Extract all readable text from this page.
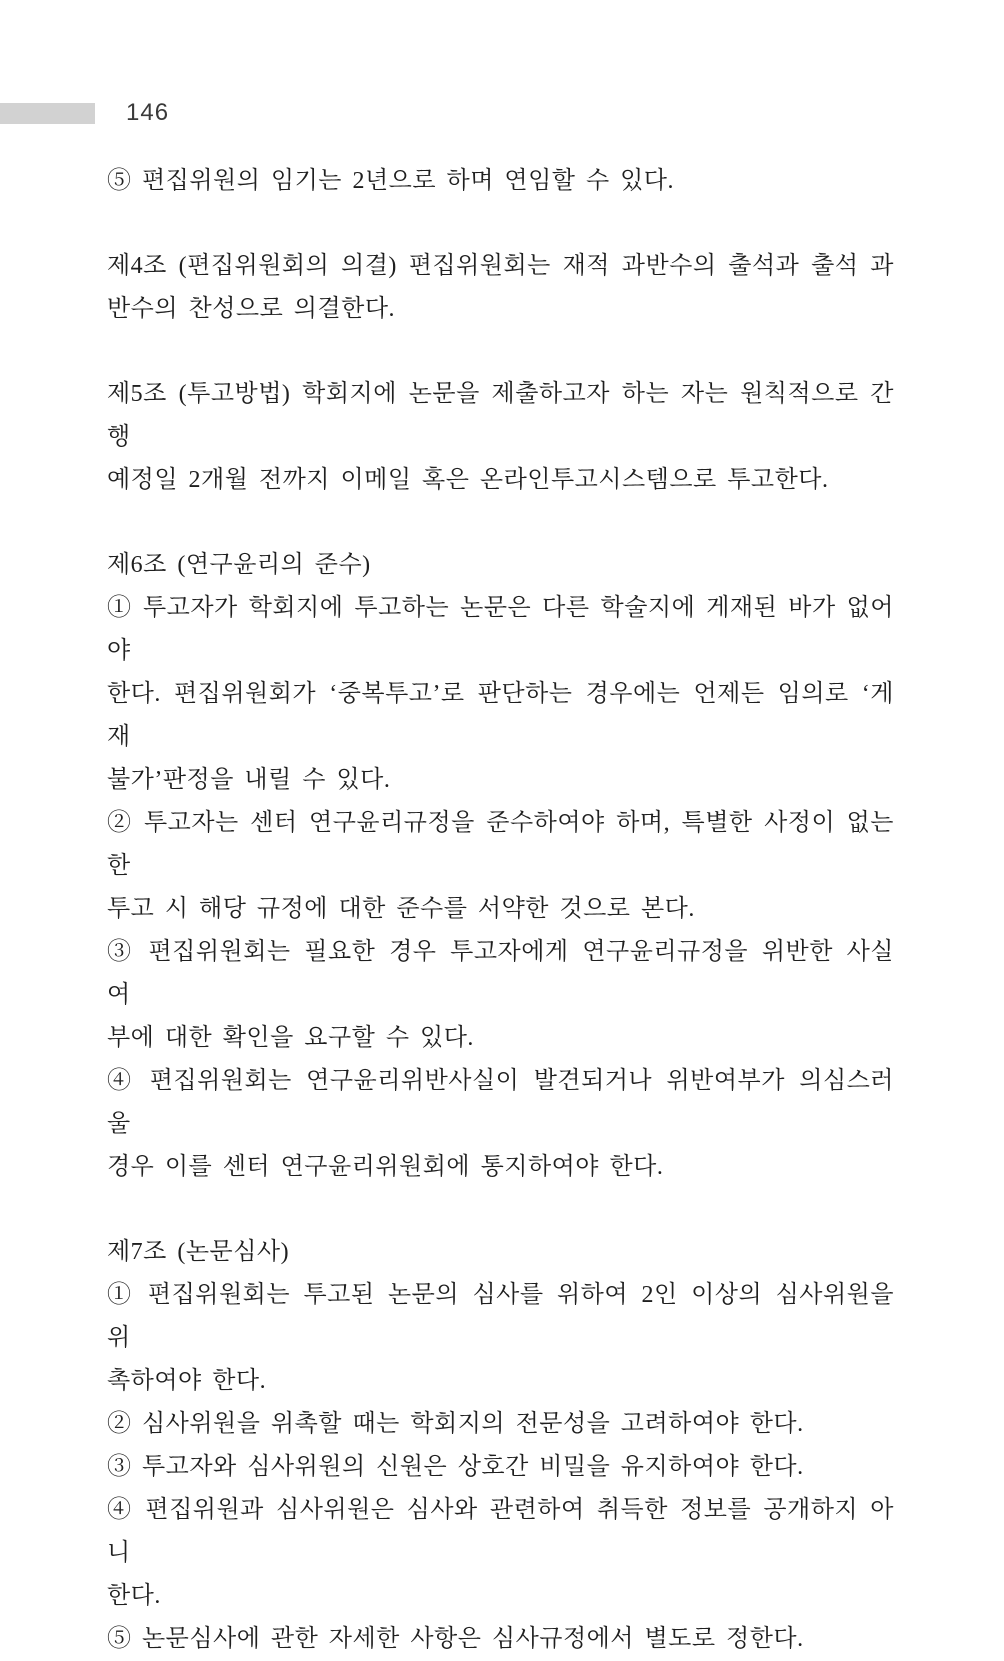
146
⑤ 편집위원의 임기는 2년으로 하며 연임할 수 있다.
제4조 (편집위원회의 의결) 편집위원회는 재적 과반수의 출석과 출석 과
반수의 찬성으로 의결한다.
제5조 (투고방법) 학회지에 논문을 제출하고자 하는 자는 원칙적으로 간행
예정일 2개월 전까지 이메일 혹은 온라인투고시스템으로 투고한다.
제6조 (연구윤리의 준수)
① 투고자가 학회지에 투고하는 논문은 다른 학술지에 게재된 바가 없어야
한다. 편집위원회가 ‘중복투고’로 판단하는 경우에는 언제든 임의로 ‘게재
불가’판정을 내릴 수 있다.
② 투고자는 센터 연구윤리규정을 준수하여야 하며, 특별한 사정이 없는 한
투고 시 해당 규정에 대한 준수를 서약한 것으로 본다.
③ 편집위원회는 필요한 경우 투고자에게 연구윤리규정을 위반한 사실 여
부에 대한 확인을 요구할 수 있다.
④ 편집위원회는 연구윤리위반사실이 발견되거나 위반여부가 의심스러울
경우 이를 센터 연구윤리위원회에 통지하여야 한다.
제7조 (논문심사)
① 편집위원회는 투고된 논문의 심사를 위하여 2인 이상의 심사위원을 위
촉하여야 한다.
② 심사위원을 위촉할 때는 학회지의 전문성을 고려하여야 한다.
③ 투고자와 심사위원의 신원은 상호간 비밀을 유지하여야 한다.
④ 편집위원과 심사위원은 심사와 관련하여 취득한 정보를 공개하지 아니
한다.
⑤ 논문심사에 관한 자세한 사항은 심사규정에서 별도로 정한다.
